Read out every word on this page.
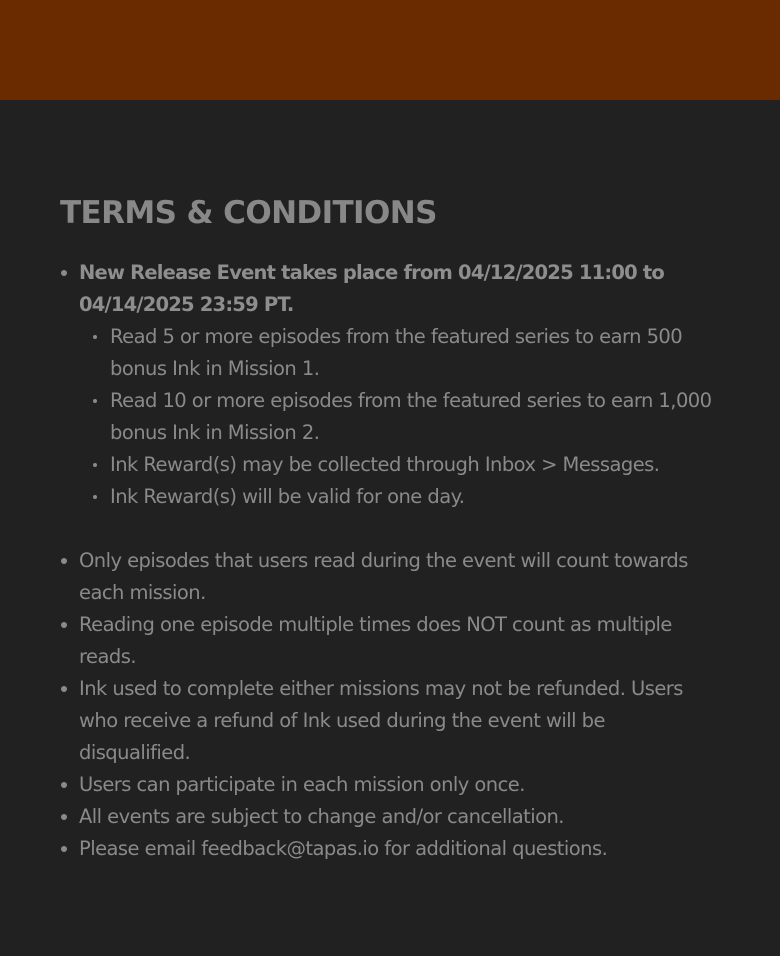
TERMS & CONDITIONS
New Release Event takes place from 04/12/2025 11:00 to 04/14/2025 23:59 PT.
Read 5 or more episodes from the featured series to earn 500 bonus Ink in Mission 1.
Read 10 or more episodes from the featured series to earn 1,000 bonus Ink in Mission 2.
Ink Reward(s) may be collected through Inbox > Messages.
Ink Reward(s) will be valid for one day.
Only episodes that users read during the event will count towards each mission.
Reading one episode multiple times does NOT count as multiple reads.
Ink used to complete either missions may not be refunded. Users who receive a refund of Ink used during the event will be disqualified.
Users can participate in each mission only once.
All events are subject to change and/or cancellation.
Please email feedback@tapas.io for additional questions.
